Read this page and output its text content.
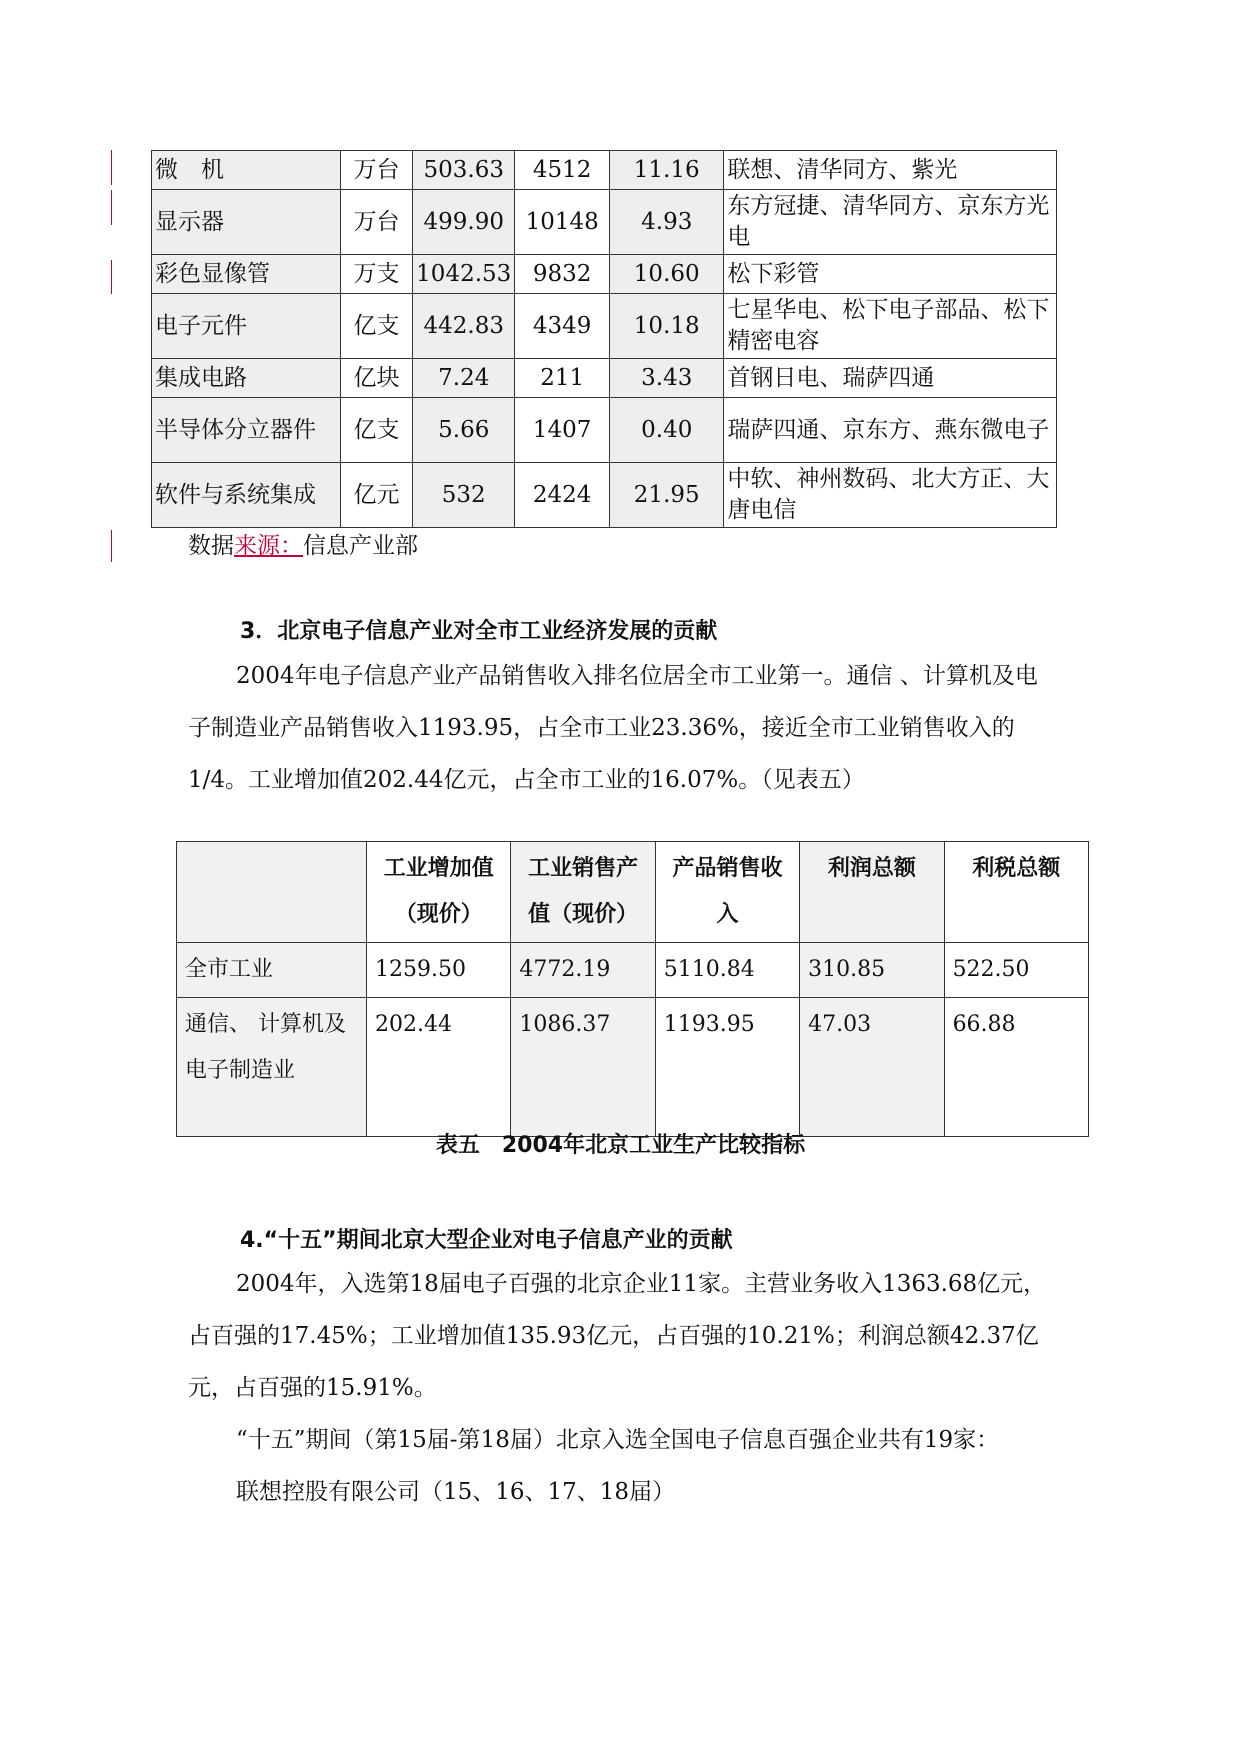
微　机	万台	503.63	4512	11.16	联想、清华同方、紫光
显示器	万台	499.90	10148	4.93	东方冠捷、清华同方、京东方光电
彩色显像管	万支	1042.53	9832	10.60	松下彩管
电子元件	亿支	442.83	4349	10.18	七星华电、松下电子部品、松下精密电容
集成电路	亿块	7.24	211	3.43	首钢日电、瑞萨四通
半导体分立器件	亿支	5.66	1407	0.40	瑞萨四通、京东方、燕东微电子
软件与系统集成	亿元	532	2424	21.95	中软、神州数码、北大方正、大唐电信
数据来源：信息产业部
3．北京电子信息产业对全市工业经济发展的贡献

2004年电子信息产业产品销售收入排名位居全市工业第一。通信 、计算机及电子制造业产品销售收入1193.95，占全市工业23.36%，接近全市工业销售收入的1/4。工业增加值202.44亿元，占全市工业的16.07%。（见表五）

	工业增加值（现价）	工业销售产值（现价）	产品销售收入	利润总额	利税总额
全市工业	1259.50	4772.19	5110.84	310.85	522.50
通信、 计算机及电子制造业	202.44	1086.37	1193.95	47.03	66.88
表五　2004年北京工业生产比较指标
4.“十五”期间北京大型企业对电子信息产业的贡献

2004年，入选第18届电子百强的北京企业11家。主营业务收入1363.68亿元，占百强的17.45%；工业增加值135.93亿元，占百强的10.21%；利润总额42.37亿元，占百强的15.91%。

“十五”期间（第15届-第18届）北京入选全国电子信息百强企业共有19家：

联想控股有限公司（15、16、17、18届）
